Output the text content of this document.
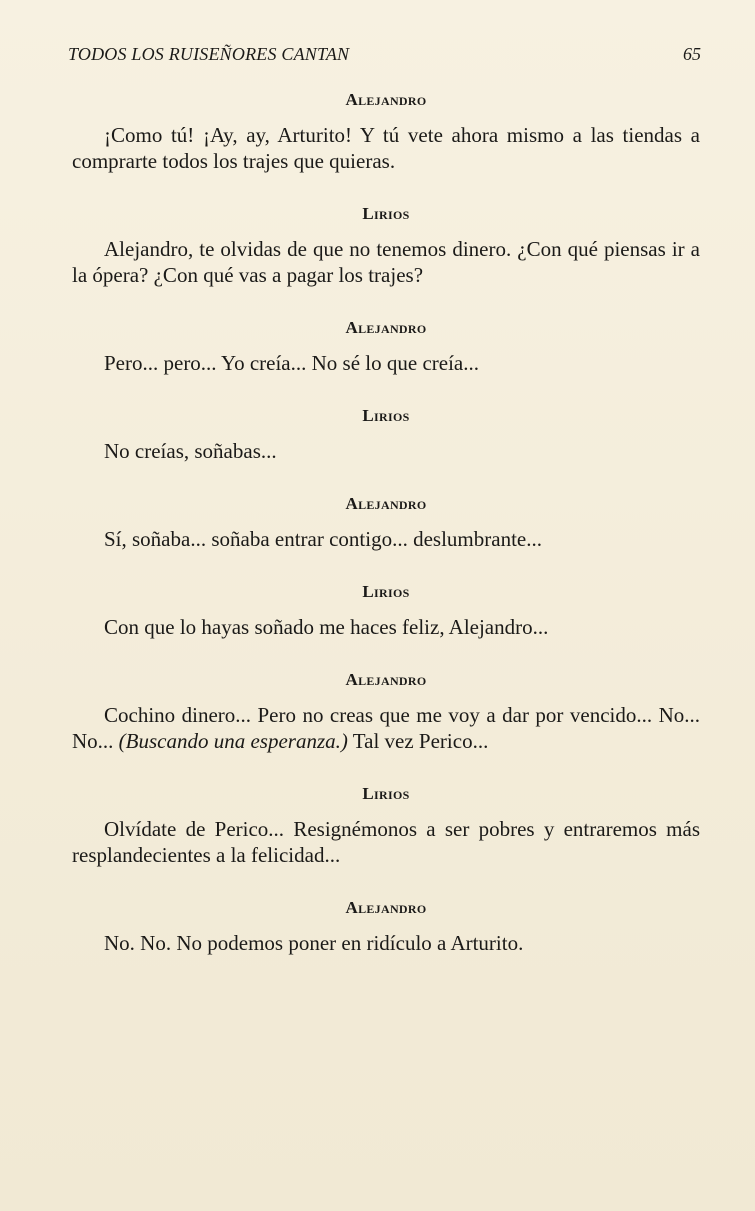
TODOS LOS RUISEÑORES CANTAN	65
Alejandro

¡Como tú! ¡Ay, ay, Arturito! Y tú vete ahora mismo a las tiendas a comprarte todos los trajes que quieras.

Lirios

Alejandro, te olvidas de que no tenemos dinero. ¿Con qué piensas ir a la ópera? ¿Con qué vas a pagar los trajes?

Alejandro

Pero... pero... Yo creía... No sé lo que creía...

Lirios

No creías, soñabas...

Alejandro

Sí, soñaba... soñaba entrar contigo... deslumbrante...

Lirios

Con que lo hayas soñado me haces feliz, Alejandro...

Alejandro

Cochino dinero... Pero no creas que me voy a dar por vencido... No... No... (Buscando una esperanza.) Tal vez Perico...

Lirios

Olvídate de Perico... Resignémonos a ser pobres y entraremos más resplandecientes a la felicidad...

Alejandro

No. No. No podemos poner en ridículo a Arturito.
